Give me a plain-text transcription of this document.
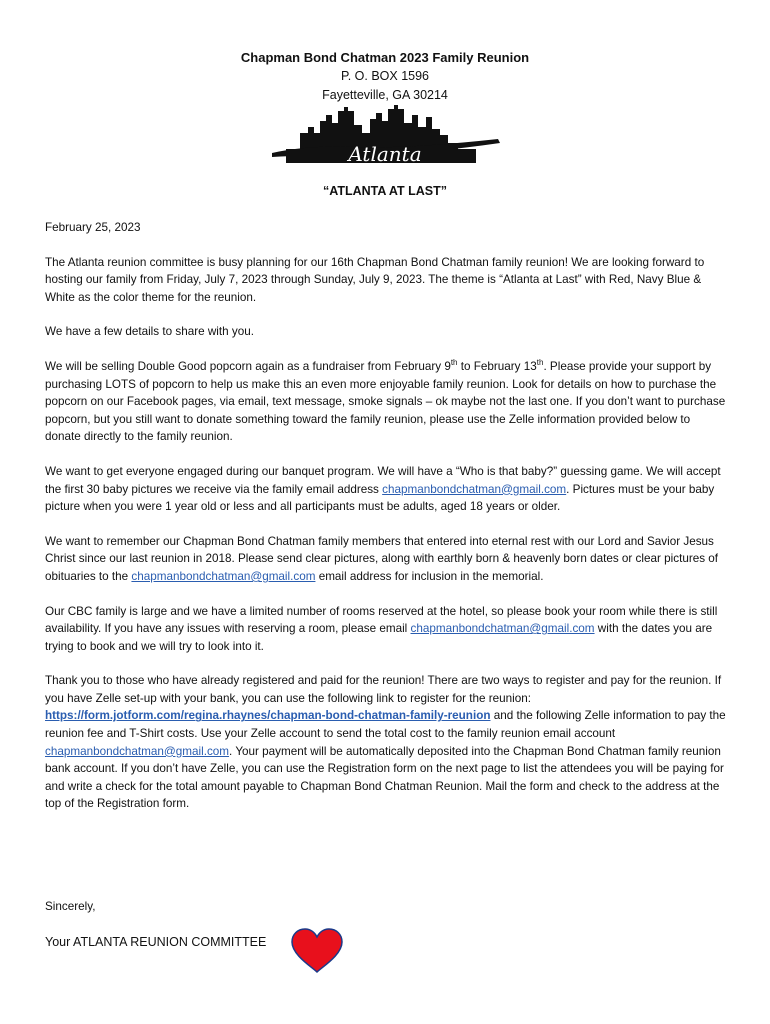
Chapman Bond Chatman 2023 Family Reunion
P. O. BOX 1596
Fayetteville, GA 30214
Atlanta
“ATLANTA AT LAST”

February 25, 2023

The Atlanta reunion committee is busy planning for our 16th Chapman Bond Chatman family reunion! We are looking forward to hosting our family from Friday, July 7, 2023 through Sunday, July 9, 2023. The theme is “Atlanta at Last” with Red, Navy Blue & White as the color theme for the reunion.

We have a few details to share with you.

We will be selling Double Good popcorn again as a fundraiser from February 9th to February 13th. Please provide your support by purchasing LOTS of popcorn to help us make this an even more enjoyable family reunion. Look for details on how to purchase the popcorn on our Facebook pages, via email, text message, smoke signals – ok maybe not the last one. If you don’t want to purchase popcorn, but you still want to donate something toward the family reunion, please use the Zelle information provided below to donate directly to the family reunion.

We want to get everyone engaged during our banquet program. We will have a “Who is that baby?” guessing game. We will accept the first 30 baby pictures we receive via the family email address chapmanbondchatman@gmail.com. Pictures must be your baby picture when you were 1 year old or less and all participants must be adults, aged 18 years or older.

We want to remember our Chapman Bond Chatman family members that entered into eternal rest with our Lord and Savior Jesus Christ since our last reunion in 2018. Please send clear pictures, along with earthly born & heavenly born dates or clear pictures of obituaries to the chapmanbondchatman@gmail.com email address for inclusion in the memorial.

Our CBC family is large and we have a limited number of rooms reserved at the hotel, so please book your room while there is still availability. If you have any issues with reserving a room, please email chapmanbondchatman@gmail.com with the dates you are trying to book and we will try to look into it.

Thank you to those who have already registered and paid for the reunion! There are two ways to register and pay for the reunion. If you have Zelle set-up with your bank, you can use the following link to register for the reunion: https://form.jotform.com/regina.rhaynes/chapman-bond-chatman-family-reunion and the following Zelle information to pay the reunion fee and T-Shirt costs. Use your Zelle account to send the total cost to the family reunion email account chapmanbondchatman@gmail.com. Your payment will be automatically deposited into the Chapman Bond Chatman family reunion bank account. If you don’t have Zelle, you can use the Registration form on the next page to list the attendees you will be paying for and write a check for the total amount payable to Chapman Bond Chatman Reunion. Mail the form and check to the address at the top of the Registration form.

Sincerely,
Your ATLANTA REUNION COMMITTEE
